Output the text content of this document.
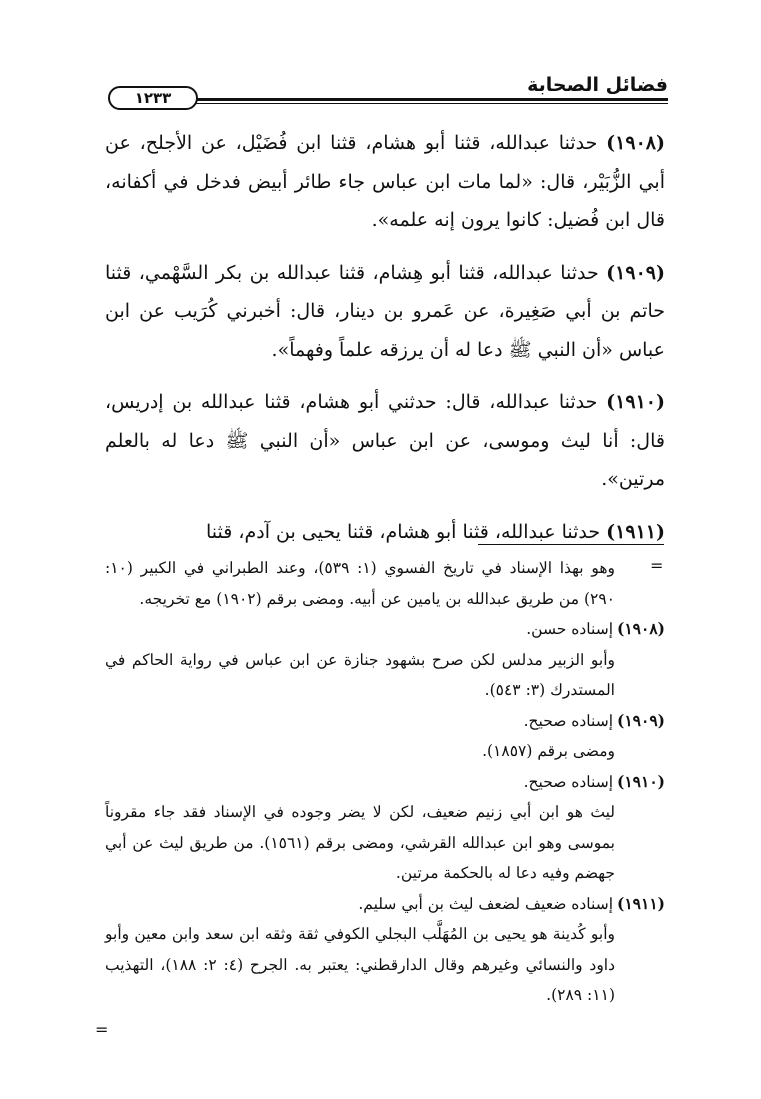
فضائل الصحابة
١٢٣٣

(١٩٠٨) حدثنا عبدالله، قثنا أبو هشام، قثنا ابن فُضَيْل، عن الأجلح، عن أبي الزُّبَيْر، قال: «لما مات ابن عباس جاء طائر أبيض فدخل في أكفانه، قال ابن فُضيل: كانوا يرون إنه علمه».

(١٩٠٩) حدثنا عبدالله، قثنا أبو هِشام، قثنا عبدالله بن بكر السَّهْمي، قثنا حاتم بن أبي صَغِيرة، عن عَمرو بن دينار، قال: أخبرني كُرَيب عن ابن عباس «أن النبي ﷺ دعا له أن يرزقه علماً وفهماً».

(١٩١٠) حدثنا عبدالله، قال: حدثني أبو هشام، قثنا عبدالله بن إدريس، قال: أنا ليث وموسى، عن ابن عباس «أن النبي ﷺ دعا له بالعلم مرتين».

(١٩١١) حدثنا عبدالله، قثنا أبو هشام، قثنا يحيى بن آدم، قثنا

=
وهو بهذا الإسناد في تاريخ الفسوي (١: ٥٣٩)، وعند الطبراني في الكبير (١٠: ٢٩٠) من طريق عبدالله بن يامين عن أبيه. ومضى برقم (١٩٠٢) مع تخريجه.
(١٩٠٨)
إسناده حسن.
وأبو الزبير مدلس لكن صرح بشهود جنازة عن ابن عباس في رواية الحاكم في المستدرك (٣: ٥٤٣).
(١٩٠٩)
إسناده صحيح.
ومضى برقم (١٨٥٧).
(١٩١٠)
إسناده صحيح.
ليث هو ابن أبي زنيم ضعيف، لكن لا يضر وجوده في الإسناد فقد جاء مقروناً بموسى وهو ابن عبدالله القرشي، ومضى برقم (١٥٦١). من طريق ليث عن أبي جهضم وفيه دعا له بالحكمة مرتين.
(١٩١١)
إسناده ضعيف لضعف ليث بن أبي سليم.
وأبو كُدينة هو يحيى بن المُهَلَّب البجلي الكوفي ثقة وثقه ابن سعد وابن معين وأبو داود والنسائي وغيرهم وقال الدارقطني: يعتبر به. الجرح (٤: ٢: ١٨٨)، التهذيب (١١: ٢٨٩).
=
